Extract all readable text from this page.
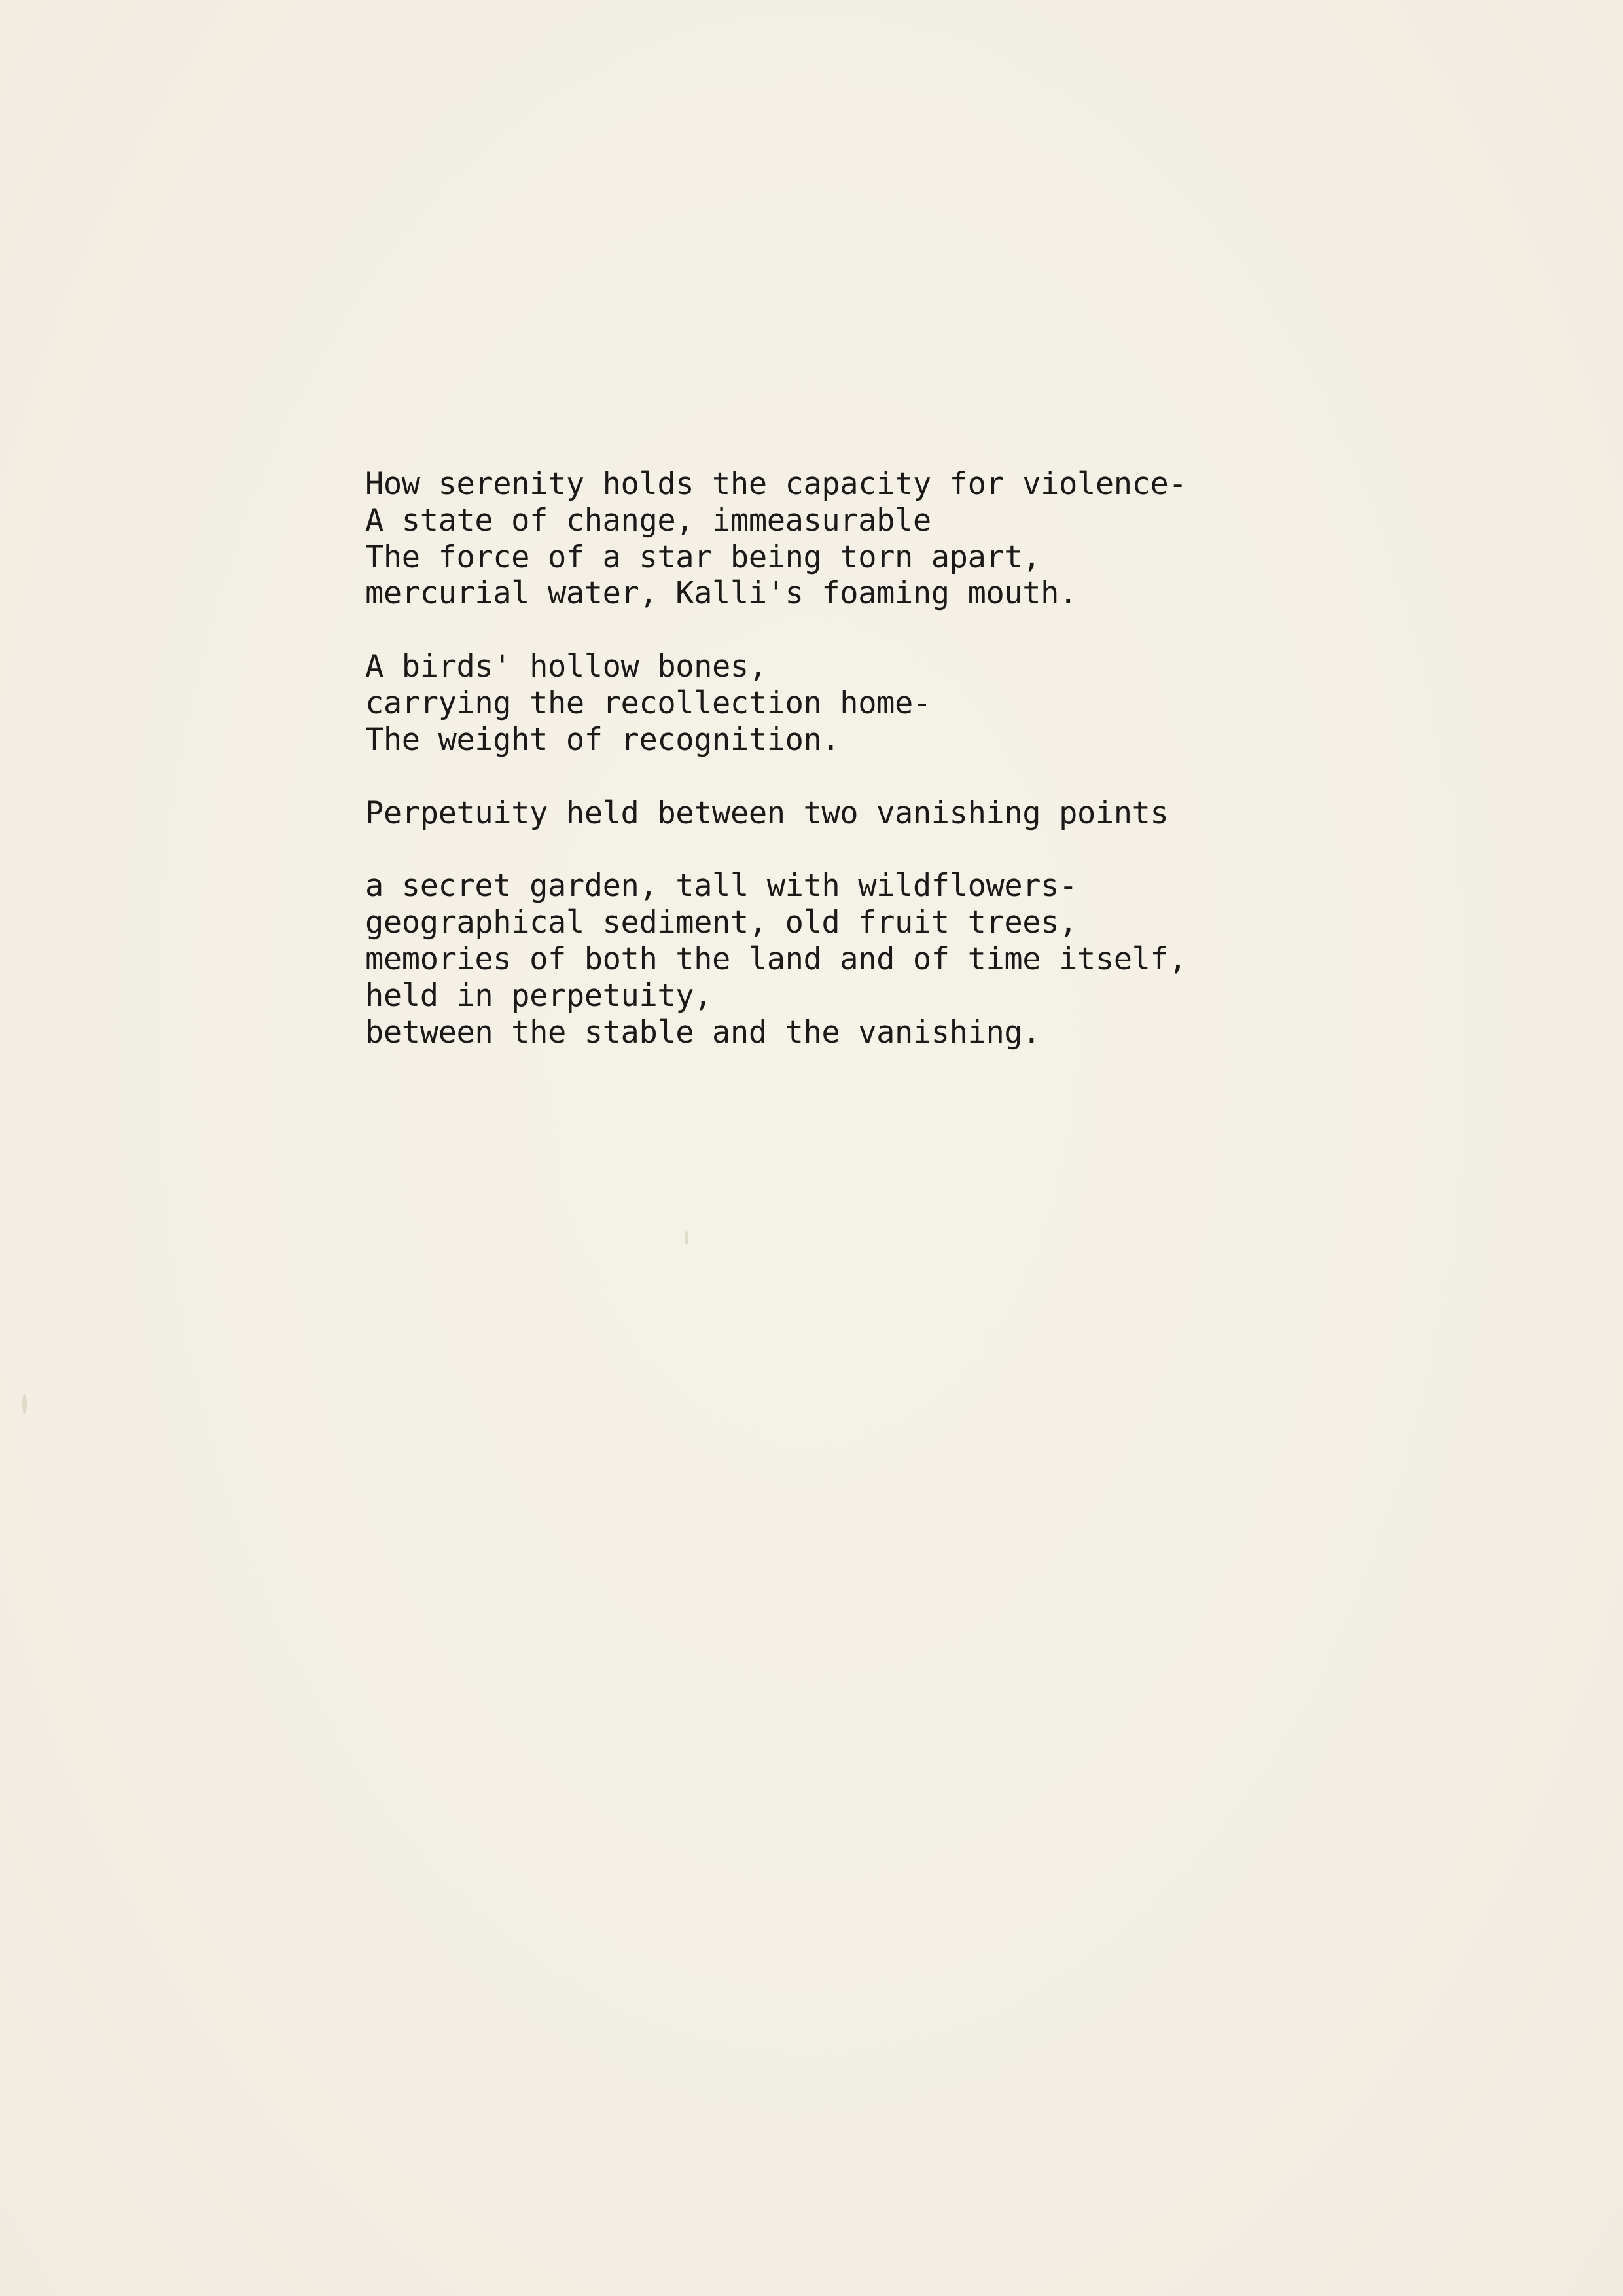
How serenity holds the capacity for violence-
A state of change, immeasurable
The force of a star being torn apart,
mercurial water, Kalli's foaming mouth.
A birds' hollow bones,
carrying the recollection home-
The weight of recognition.
Perpetuity held between two vanishing points
a secret garden, tall with wildflowers-
geographical sediment, old fruit trees,
memories of both the land and of time itself,
held in perpetuity,
between the stable and the vanishing.
